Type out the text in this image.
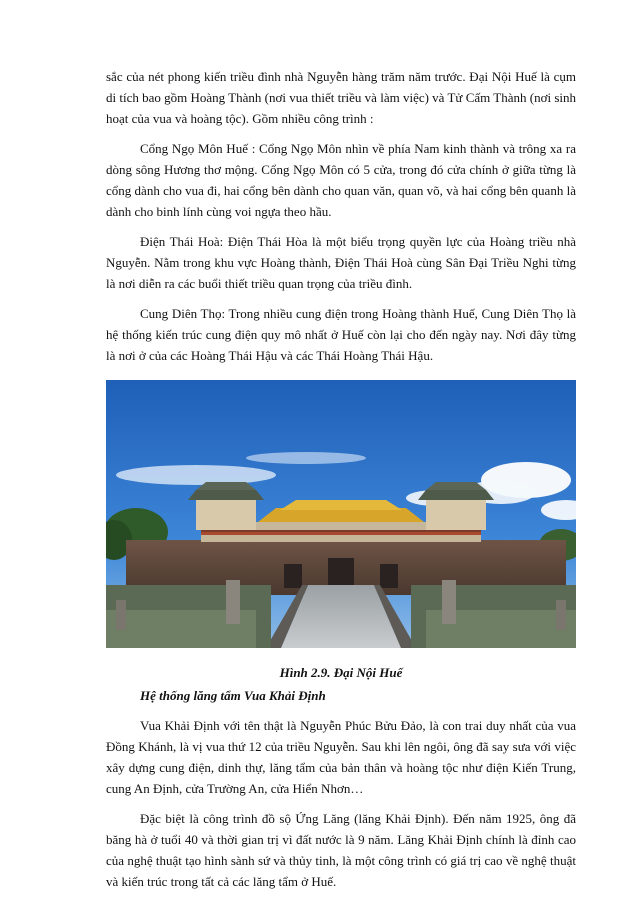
sắc của nét phong kiến triều đình nhà Nguyễn hàng trăm năm trước. Đại Nội Huế là cụm di tích bao gồm Hoàng Thành (nơi vua thiết triều và làm việc) và Tử Cấm Thành (nơi sinh hoạt của vua và hoàng tộc). Gồm nhiều công trình :

Cổng Ngọ Môn Huế : Cổng Ngọ Môn nhìn về phía Nam kinh thành và trông xa ra dòng sông Hương thơ mộng. Cổng Ngọ Môn có 5 cửa, trong đó cửa chính ở giữa từng là cổng dành cho vua đi, hai cổng bên dành cho quan văn, quan võ, và hai cổng bên quanh là dành cho binh lính cùng voi ngựa theo hầu.

Điện Thái Hoà: Điện Thái Hòa là một biểu trọng quyền lực của Hoàng triều nhà Nguyễn. Nằm trong khu vực Hoàng thành, Điện Thái Hoà cùng Sân Đại Triều Nghi từng là nơi diễn ra các buổi thiết triều quan trọng của triều đình.

Cung Diên Thọ: Trong nhiều cung điện trong Hoàng thành Huế, Cung Diên Thọ là hệ thống kiến trúc cung điện quy mô nhất ở Huế còn lại cho đến ngày nay. Nơi đây từng là nơi ở của các Hoàng Thái Hậu và các Thái Hoàng Thái Hậu.

Hình 2.9. Đại Nội Huế

Hệ thống lăng tẩm Vua Khải Định

Vua Khải Định với tên thật là Nguyễn Phúc Bửu Đảo, là con trai duy nhất của vua Đồng Khánh, là vị vua thứ 12 của triều Nguyễn. Sau khi lên ngôi, ông đã say sưa với việc xây dựng cung điện, dinh thự, lăng tẩm của bản thân và hoàng tộc như điện Kiến Trung, cung An Định, cửa Trường An, cửa Hiển Nhơn…

Đặc biệt là công trình đồ sộ Ứng Lăng (lăng Khải Định). Đến năm 1925, ông đã băng hà ở tuổi 40 và thời gian trị vì đất nước là 9 năm. Lăng Khải Định chính là đỉnh cao của nghệ thuật tạo hình sành sứ và thủy tinh, là một công trình có giá trị cao về nghệ thuật và kiến trúc trong tất cả các lăng tẩm ở Huế.
